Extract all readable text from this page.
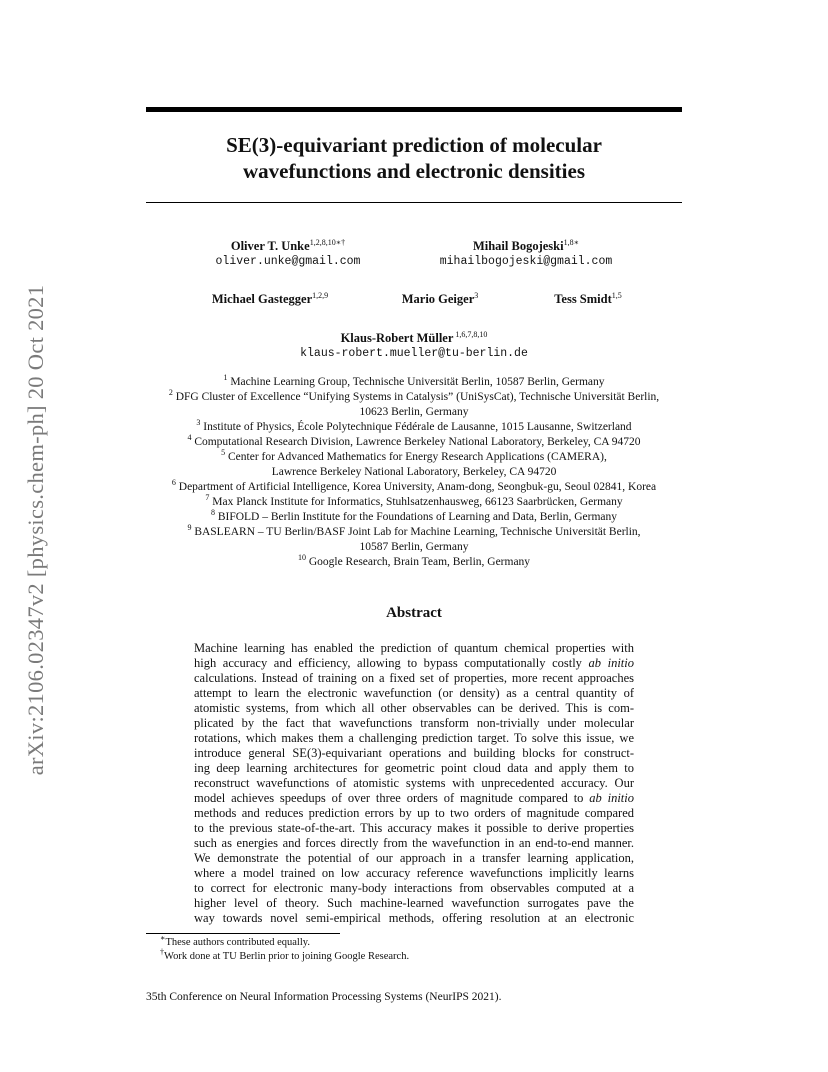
arXiv:2106.02347v2 [physics.chem-ph] 20 Oct 2021
SE(3)-equivariant prediction of molecular
wavefunctions and electronic densities
Oliver T. Unke$^{1,2,8,10∗\dagger}$
oliver.unke@gmail.com
Mihail Bogojeski$^{1,8∗}$
mihailbogojeski@gmail.com
Michael Gastegger$^{1,2,9}$	Mario Geiger$^3$	Tess Smidt$^{1,5}$
Klaus-Robert Müller $^{1,6,7,8,10}$
klaus-robert.mueller@tu-berlin.de
$^1$ Machine Learning Group, Technische Universität Berlin, 10587 Berlin, Germany
$^2$ DFG Cluster of Excellence “Unifying Systems in Catalysis” (UniSysCat), Technische Universität Berlin,
10623 Berlin, Germany
$^3$ Institute of Physics, École Polytechnique Fédérale de Lausanne, 1015 Lausanne, Switzerland
$^4$ Computational Research Division, Lawrence Berkeley National Laboratory, Berkeley, CA 94720
$^5$ Center for Advanced Mathematics for Energy Research Applications (CAMERA),
Lawrence Berkeley National Laboratory, Berkeley, CA 94720
$^6$ Department of Artificial Intelligence, Korea University, Anam-dong, Seongbuk-gu, Seoul 02841, Korea
$^7$ Max Planck Institute for Informatics, Stuhlsatzenhausweg, 66123 Saarbrücken, Germany
$^8$ BIFOLD – Berlin Institute for the Foundations of Learning and Data, Berlin, Germany
$^9$ BASLEARN – TU Berlin/BASF Joint Lab for Machine Learning, Technische Universität Berlin,
10587 Berlin, Germany
$^{10}$ Google Research, Brain Team, Berlin, Germany
Abstract
Machine learning has enabled the prediction of quantum chemical properties with
high accuracy and efficiency, allowing to bypass computationally costly ab initio
calculations. Instead of training on a fixed set of properties, more recent approaches
attempt to learn the electronic wavefunction (or density) as a central quantity of
atomistic systems, from which all other observables can be derived. This is com-
plicated by the fact that wavefunctions transform non-trivially under molecular
rotations, which makes them a challenging prediction target. To solve this issue, we
introduce general SE(3)-equivariant operations and building blocks for construct-
ing deep learning architectures for geometric point cloud data and apply them to
reconstruct wavefunctions of atomistic systems with unprecedented accuracy. Our
model achieves speedups of over three orders of magnitude compared to ab initio
methods and reduces prediction errors by up to two orders of magnitude compared
to the previous state-of-the-art. This accuracy makes it possible to derive properties
such as energies and forces directly from the wavefunction in an end-to-end manner.
We demonstrate the potential of our approach in a transfer learning application,
where a model trained on low accuracy reference wavefunctions implicitly learns
to correct for electronic many-body interactions from observables computed at a
higher level of theory. Such machine-learned wavefunction surrogates pave the
way towards novel semi-empirical methods, offering resolution at an electronic
∗These authors contributed equally.
†Work done at TU Berlin prior to joining Google Research.
35th Conference on Neural Information Processing Systems (NeurIPS 2021).
